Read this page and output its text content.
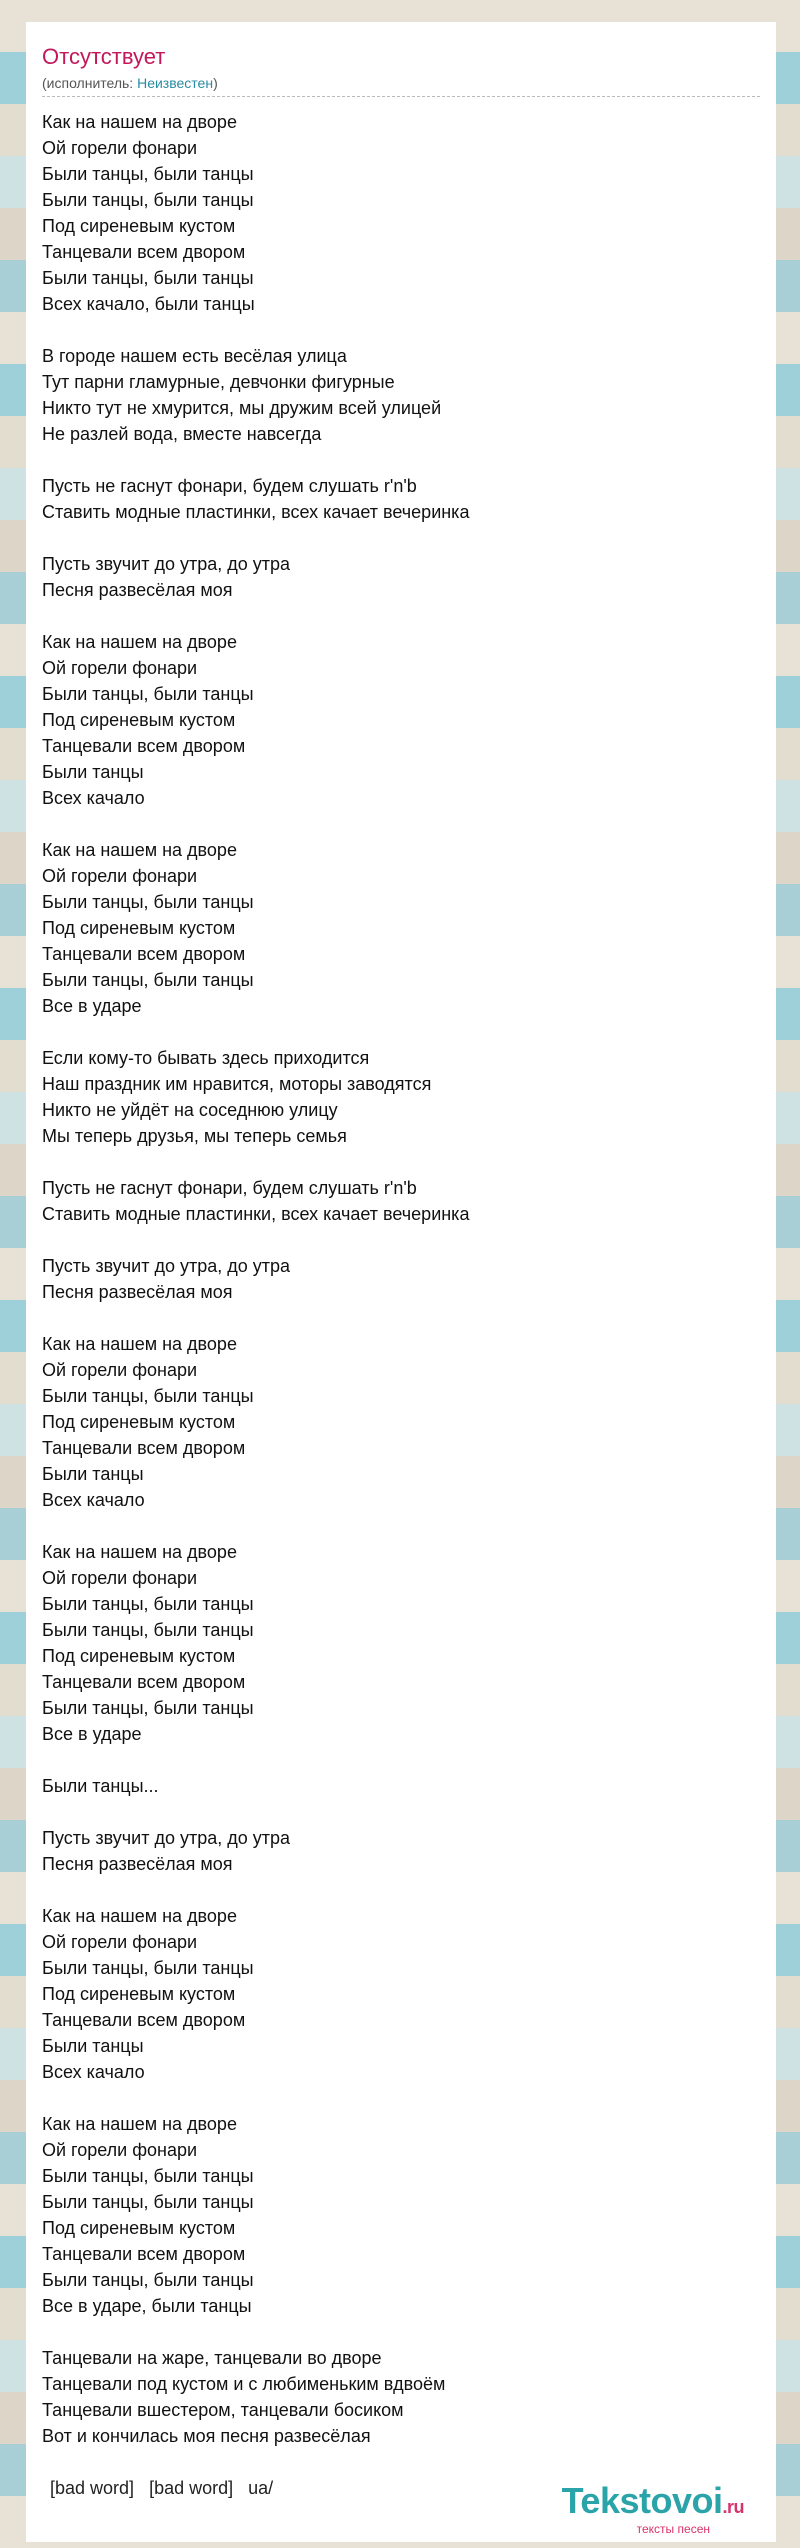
Отсутствует
(исполнитель: Неизвестен)
Как на нашем на дворе
Ой горели фонари
Были танцы, были танцы
Были танцы, были танцы
Под сиреневым кустом
Танцевали всем двором
Были танцы, были танцы
Всех качало, были танцы
В городе нашем есть весёлая улица
Тут парни гламурные, девчонки фигурные
Никто тут не хмурится, мы дружим всей улицей
Не разлей вода, вместе навсегда
Пусть не гаснут фонари, будем слушать r'n'b
Ставить модные пластинки, всех качает вечеринка
Пусть звучит до утра, до утра
Песня развесёлая моя
Как на нашем на дворе
Ой горели фонари
Были танцы, были танцы
Под сиреневым кустом
Танцевали всем двором
Были танцы
Всех качало
Как на нашем на дворе
Ой горели фонари
Были танцы, были танцы
Под сиреневым кустом
Танцевали всем двором
Были танцы, были танцы
Все в ударе
Если кому-то бывать здесь приходится
Наш праздник им нравится, моторы заводятся
Никто не уйдёт на соседнюю улицу
Мы теперь друзья, мы теперь семья
Пусть не гаснут фонари, будем слушать r'n'b
Ставить модные пластинки, всех качает вечеринка
Пусть звучит до утра, до утра
Песня развесёлая моя
Как на нашем на дворе
Ой горели фонари
Были танцы, были танцы
Под сиреневым кустом
Танцевали всем двором
Были танцы
Всех качало
Как на нашем на дворе
Ой горели фонари
Были танцы, были танцы
Были танцы, были танцы
Под сиреневым кустом
Танцевали всем двором
Были танцы, были танцы
Все в ударе
Были танцы...
Пусть звучит до утра, до утра
Песня развесёлая моя
Как на нашем на дворе
Ой горели фонари
Были танцы, были танцы
Под сиреневым кустом
Танцевали всем двором
Были танцы
Всех качало
Как на нашем на дворе
Ой горели фонари
Были танцы, были танцы
Были танцы, были танцы
Под сиреневым кустом
Танцевали всем двором
Были танцы, были танцы
Все в ударе, были танцы
Танцевали на жаре, танцевали во дворе
Танцевали под кустом и с любименьким вдвоём
Танцевали вшестером, танцевали босиком
Вот и кончилась моя песня развесёлая
[bad word] [bad word] ua/	Tekstovoi.ru
тексты песен
